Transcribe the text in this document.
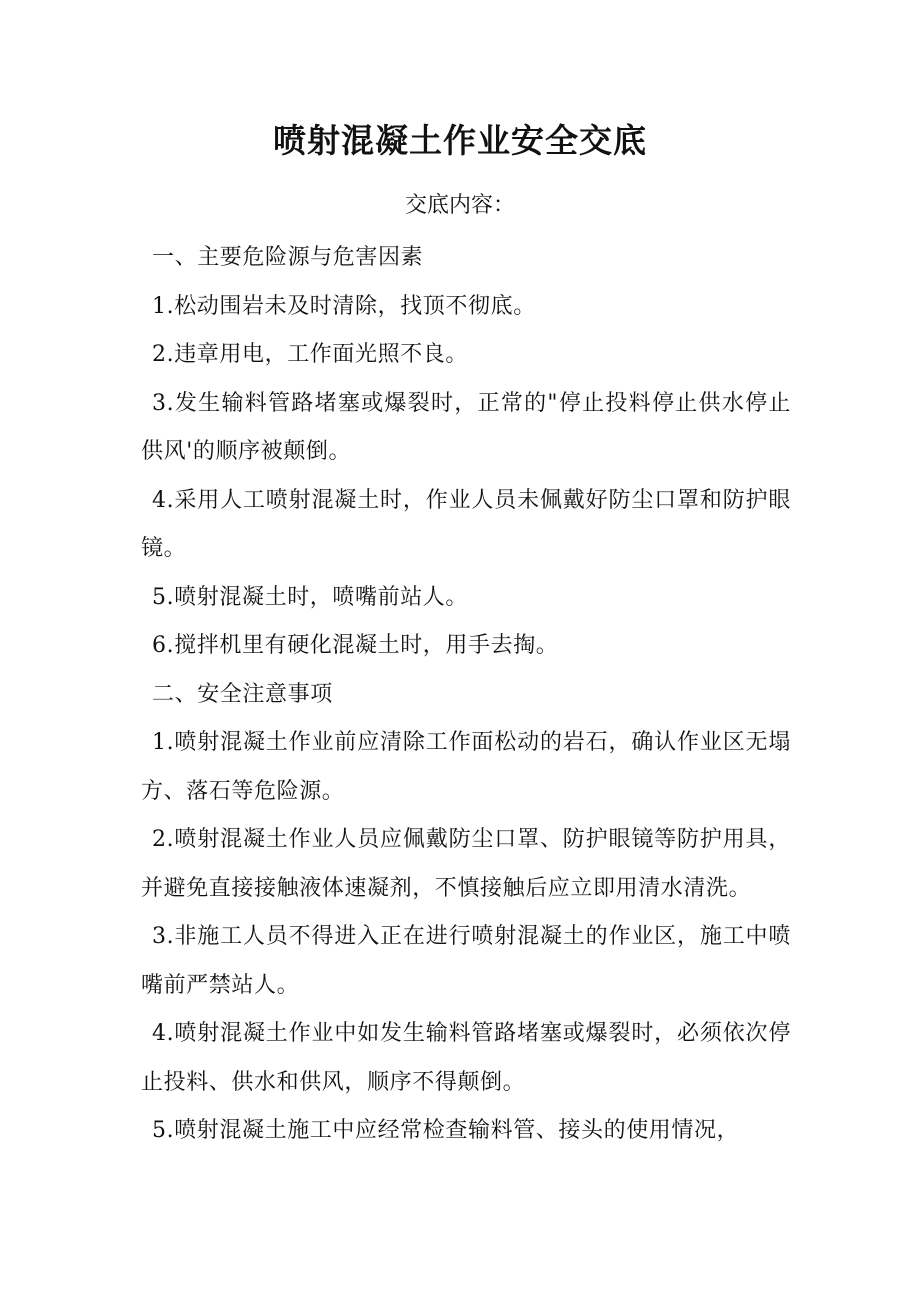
喷射混凝土作业安全交底
交底内容：

一、主要危险源与危害因素

1.松动围岩未及时清除，找顶不彻底。

2.违章用电，工作面光照不良。

3.发生输料管路堵塞或爆裂时，正常的"停止投料停止供水停止供风'的顺序被颠倒。

4.采用人工喷射混凝土时，作业人员未佩戴好防尘口罩和防护眼镜。

5.喷射混凝土时，喷嘴前站人。

6.搅拌机里有硬化混凝土时，用手去掏。

二、安全注意事项

1.喷射混凝土作业前应清除工作面松动的岩石，确认作业区无塌方、落石等危险源。

2.喷射混凝土作业人员应佩戴防尘口罩、防护眼镜等防护用具，并避免直接接触液体速凝剂，不慎接触后应立即用清水清洗。

3.非施工人员不得进入正在进行喷射混凝土的作业区，施工中喷嘴前严禁站人。

4.喷射混凝土作业中如发生输料管路堵塞或爆裂时，必须依次停止投料、供水和供风，顺序不得颠倒。

5.喷射混凝土施工中应经常检查输料管、接头的使用情况，
